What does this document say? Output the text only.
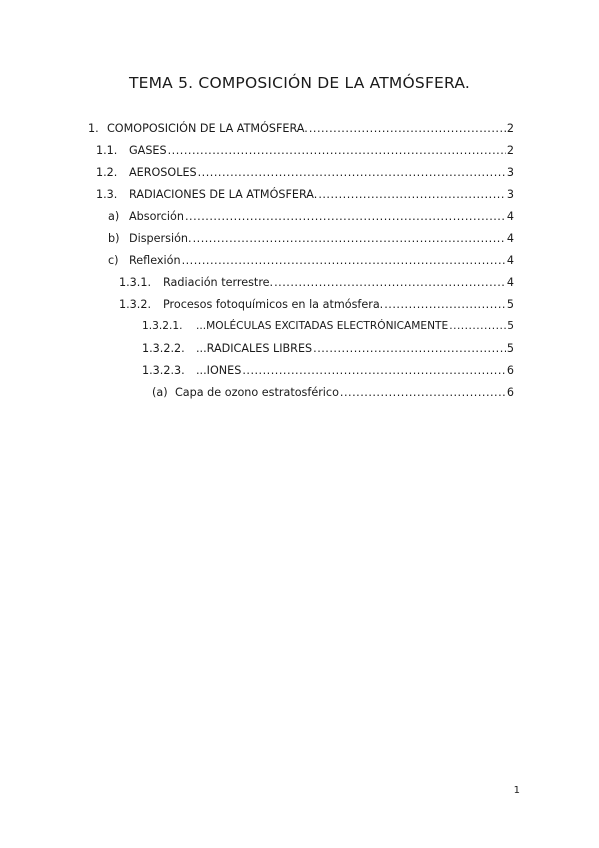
TEMA 5. COMPOSICIÓN DE LA ATMÓSFERA.
1. COMOPOSICIÓN DE LA ATMÓSFERA. .....	2
1.1.	GASES .....	2
1.2.	AEROSOLES .....	3
1.3.	RADIACIONES DE LA ATMÓSFERA. .....	3
a) Absorción .....	4
b) Dispersión. .....	4
c) Reflexión .....	4
1.3.1.	Radiación terrestre. .....	4
1.3.2.	Procesos fotoquímicos en la atmósfera. .....	5
1.3.2.1.	...MOLÉCULAS EXCITADAS ELECTRÓNICAMENTE .....	5
1.3.2.2.	...RADICALES LIBRES .....	5
1.3.2.3.	...IONES .....	6
(a) Capa de ozono estratosférico .....	6
1
